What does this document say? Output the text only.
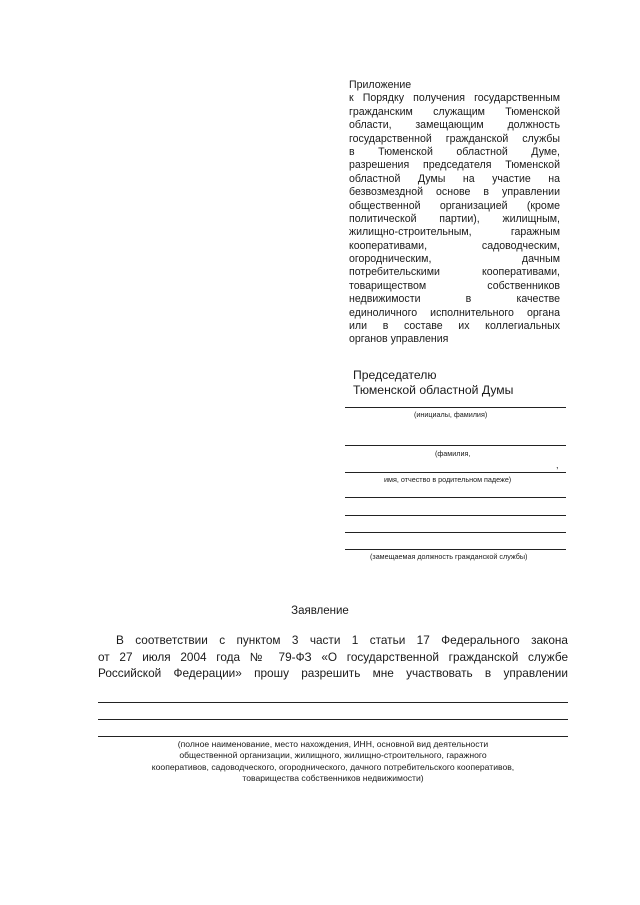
Приложение
к Порядку получения государственным
гражданским служащим Тюменской
области, замещающим должность
государственной гражданской службы
в Тюменской областной Думе,
разрешения председателя Тюменской
областной Думы на участие на
безвозмездной основе в управлении
общественной организацией (кроме
политической партии), жилищным,
жилищно-строительным, гаражным
кооперативами, садоводческим,
огородническим, дачным
потребительскими кооперативами,
товариществом собственников
недвижимости в качестве
единоличного исполнительного органа
или в составе их коллегиальных
органов управления
Председателю
Тюменской областной Думы
(инициалы, фамилия)
(фамилия,
,
имя, отчество в родительном падеже)
(замещаемая должность гражданской службы)
Заявление
В соответствии с пунктом 3 части 1 статьи 17 Федерального закона
от 27 июля 2004 года № 79-ФЗ «О государственной гражданской службе
Российской Федерации» прошу разрешить мне участвовать в управлении
(полное наименование, место нахождения, ИНН, основной вид деятельности
общественной организации, жилищного, жилищно-строительного, гаражного
кооперативов, садоводческого, огороднического, дачного потребительского кооперативов,
товарищества собственников недвижимости)
